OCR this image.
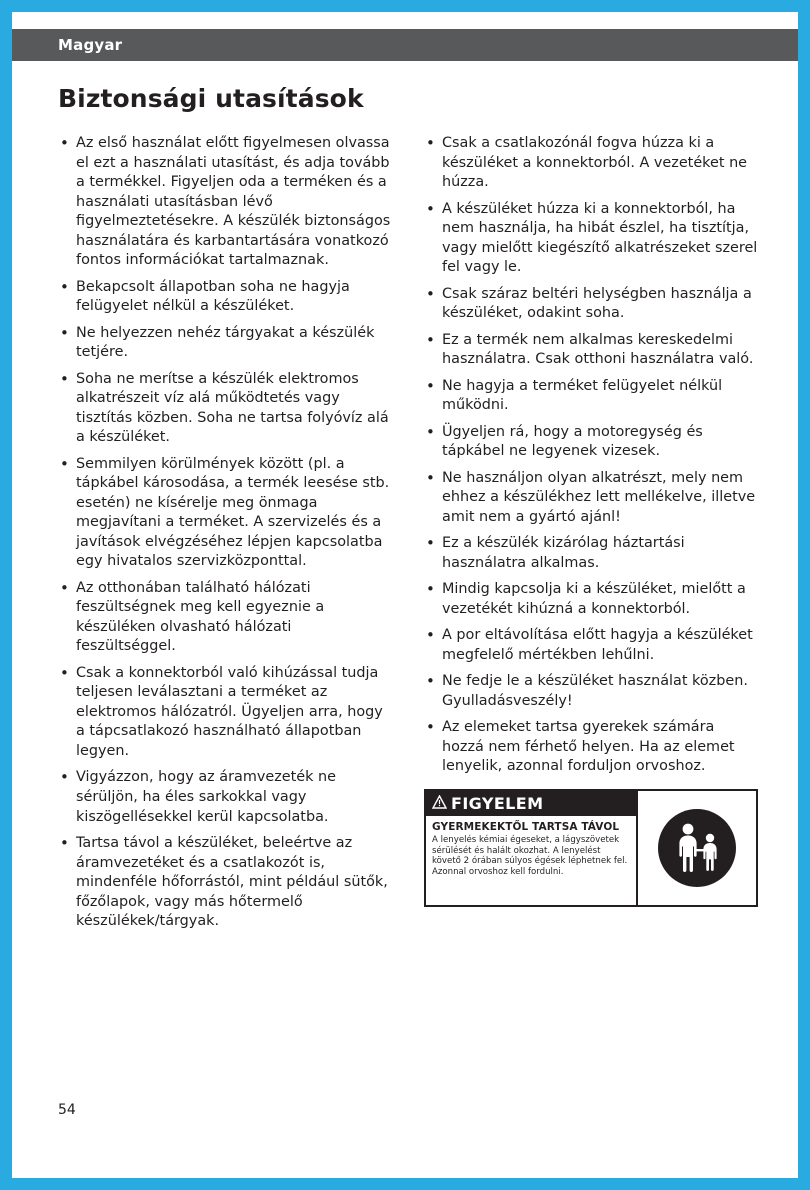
Magyar
Biztonsági utasítások
• Az első használat előtt figyelmesen olvassa el ezt a használati utasítást, és adja tovább a termékkel. Figyeljen oda a terméken és a használati utasításban lévő figyelmeztetésekre. A készülék biztonságos használatára és karbantartására vonatkozó fontos információkat tartalmaznak.
• Bekapcsolt állapotban soha ne hagyja felügyelet nélkül a készüléket.
• Ne helyezzen nehéz tárgyakat a készülék tetjére.
• Soha ne merítse a készülék elektromos alkatrészeit víz alá működtetés vagy tisztítás közben. Soha ne tartsa folyóvíz alá a készüléket.
• Semmilyen körülmények között (pl. a tápkábel károsodása, a termék leesése stb. esetén) ne kísérelje meg önmaga megjavítani a terméket. A szervizelés és a javítások elvégzéséhez lépjen kapcsolatba egy hivatalos szervizközponttal.
• Az otthonában található hálózati feszültségnek meg kell egyeznie a készüléken olvasható hálózati feszültséggel.
• Csak a konnektorból való kihúzással tudja teljesen leválasztani a terméket az elektromos hálózatról. Ügyeljen arra, hogy a tápcsatlakozó használható állapotban legyen.
• Vigyázzon, hogy az áramvezeték ne sérüljön, ha éles sarkokkal vagy kiszögellésekkel kerül kapcsolatba.
• Tartsa távol a készüléket, beleértve az áramvezetéket és a csatlakozót is, mindenféle hőforrástól, mint például sütők, főzőlapok, vagy más hőtermelő készülékek/tárgyak.
• Csak a csatlakozónál fogva húzza ki a készüléket a konnektorból. A vezetéket ne húzza.
• A készüléket húzza ki a konnektorból, ha nem használja, ha hibát észlel, ha tisztítja, vagy mielőtt kiegészítő alkatrészeket szerel fel vagy le.
• Csak száraz beltéri helységben használja a készüléket, odakint soha.
• Ez a termék nem alkalmas kereskedelmi használatra. Csak otthoni használatra való.
• Ne hagyja a terméket felügyelet nélkül működni.
• Ügyeljen rá, hogy a motoregység és tápkábel ne legyenek vizesek.
• Ne használjon olyan alkatrészt, mely nem ehhez a készülékhez lett mellékelve, illetve amit nem a gyártó ajánl!
• Ez a készülék kizárólag háztartási használatra alkalmas.
• Mindig kapcsolja ki a készüléket, mielőtt a vezetékét kihúzná a konnektorból.
• A por eltávolítása előtt hagyja a készüléket megfelelő mértékben lehűlni.
• Ne fedje le a készüléket használat közben. Gyulladásveszély!
• Az elemeket tartsa gyerekek számára hozzá nem férhető helyen. Ha az elemet lenyelik, azonnal forduljon orvoshoz.
FIGYELEM
GYERMEKEKTŐL TARTSA TÁVOL
A lenyelés kémiai égeseket, a lágyszövetek sérülését és halált okozhat. A lenyelést követő 2 órában súlyos égések léphetnek fel. Azonnal orvoshoz kell fordulni.
54
